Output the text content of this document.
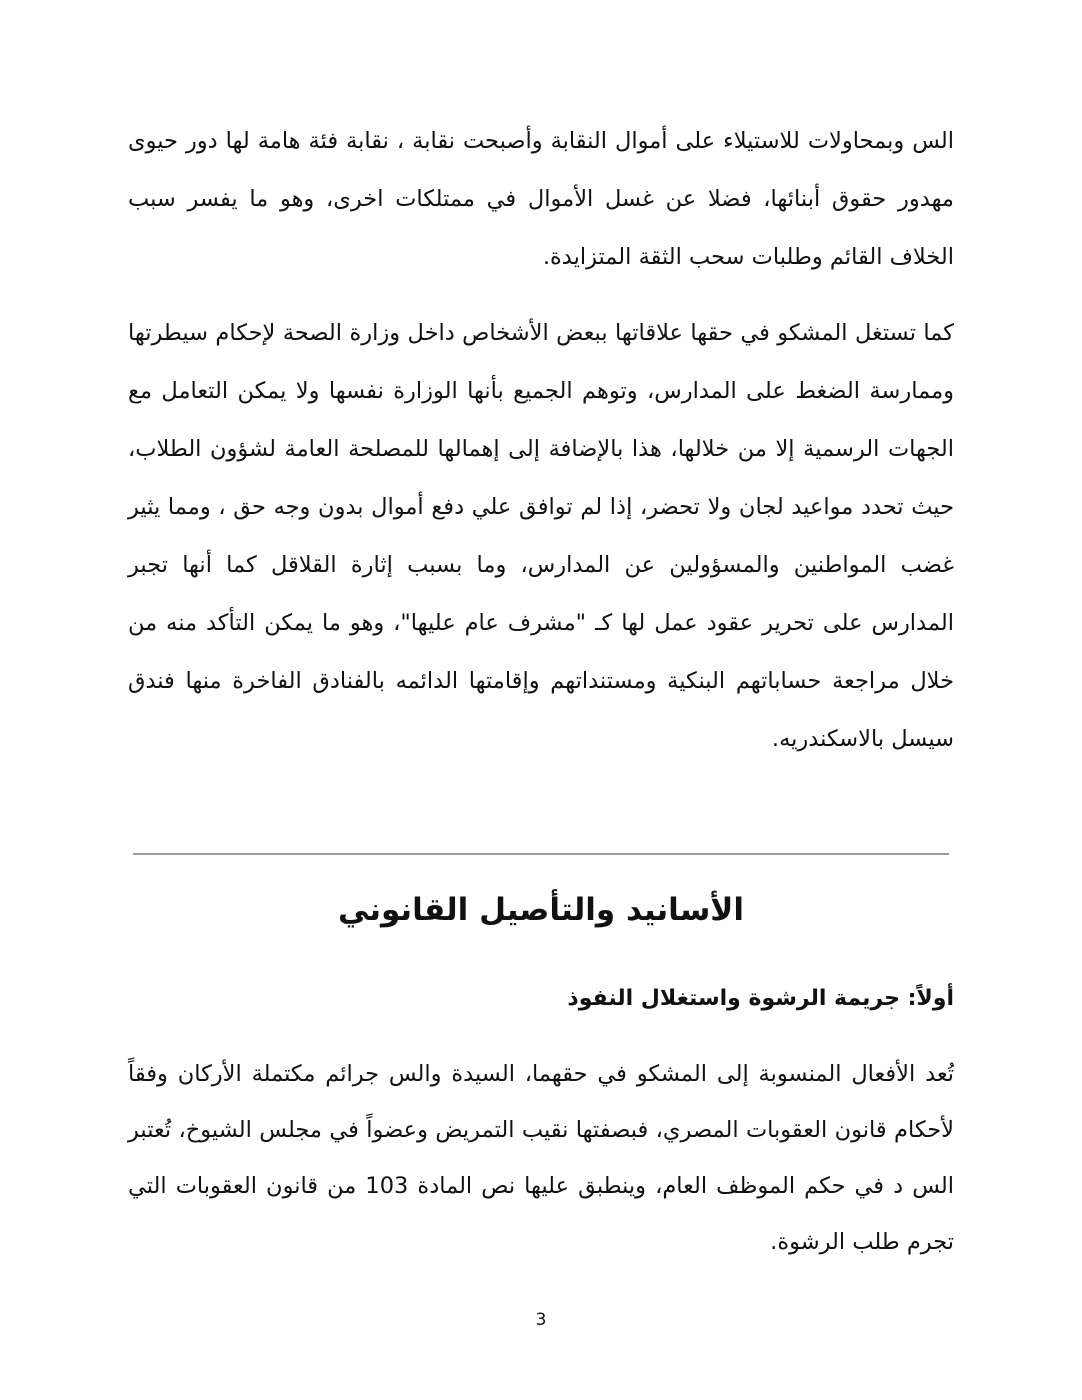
الس وبمحاولات للاستيلاء على أموال النقابة وأصبحت نقابة ، نقابة فئة هامة لها دور حيوى مهدور حقوق أبنائها، فضلا عن غسل الأموال في ممتلكات اخرى، وهو ما يفسر سبب الخلاف القائم وطلبات سحب الثقة المتزايدة.

كما تستغل المشكو في حقها علاقاتها ببعض الأشخاص داخل وزارة الصحة لإحكام سيطرتها وممارسة الضغط على المدارس، وتوهم الجميع بأنها الوزارة نفسها ولا يمكن التعامل مع الجهات الرسمية إلا من خلالها، هذا بالإضافة إلى إهمالها للمصلحة العامة لشؤون الطلاب، حيث تحدد مواعيد لجان ولا تحضر، إذا لم توافق علي دفع أموال بدون وجه حق ، ومما يثير غضب المواطنين والمسؤولين عن المدارس، وما بسبب إثارة القلاقل كما أنها تجبر المدارس على تحرير عقود عمل لها كـ "مشرف عام عليها"، وهو ما يمكن التأكد منه من خلال مراجعة حساباتهم البنكية ومستنداتهم وإقامتها الدائمه بالفنادق الفاخرة منها فندق سيسل بالاسكندريه.

الأسانيد والتأصيل القانوني
أولاً: جريمة الرشوة واستغلال النفوذ

تُعد الأفعال المنسوبة إلى المشكو في حقهما، السيدة والس جرائم مكتملة الأركان وفقاً لأحكام قانون العقوبات المصري، فبصفتها نقيب التمريض وعضواً في مجلس الشيوخ، تُعتبر الس د في حكم الموظف العام، وينطبق عليها نص المادة 103 من قانون العقوبات التي تجرم طلب الرشوة.

3
